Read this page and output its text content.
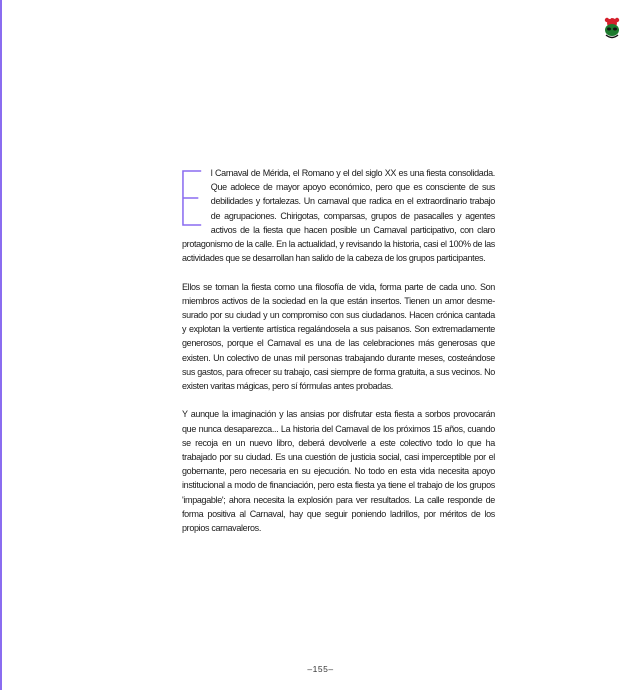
l Carnaval de Mérida, el Romano y el del siglo XX es una fiesta consolidada. Que adolece de mayor apoyo económico, pero que es consciente de sus debilidades y fortalezas. Un carnaval que radica en el extraordinario trabajo de agrupaciones. Chirigotas, comparsas, grupos de pasacalles y agentes activos de la fiesta que hacen posible un Carnaval participativo, con claro protagonismo de la calle. En la actualidad, y revisando la historia, casi el 100% de las actividades que se desarrollan han salido de la cabeza de los grupos participantes.

Ellos se toman la fiesta como una filosofía de vida, forma parte de cada uno. Son miembros activos de la sociedad en la que están insertos. Tienen un amor desme-surado por su ciudad y un compromiso con sus ciudadanos. Hacen crónica cantada y explotan la vertiente artística regalándosela a sus paisanos. Son extremadamente generosos, porque el Carnaval es una de las celebraciones más generosas que existen. Un colectivo de unas mil personas trabajando durante meses, costeándose sus gastos, para ofrecer su trabajo, casi siempre de forma gratuita, a sus vecinos. No existen varitas mágicas, pero sí fórmulas antes probadas.

Y aunque la imaginación y las ansias por disfrutar esta fiesta a sorbos provocarán que nunca desaparezca... La historia del Carnaval de los próximos 15 años, cuando se recoja en un nuevo libro, deberá devolverle a este colectivo todo lo que ha trabajado por su ciudad. Es una cuestión de justicia social, casi imperceptible por el gobernante, pero necesaria en su ejecución. No todo en esta vida necesita apoyo institucional a modo de financiación, pero esta fiesta ya tiene el trabajo de los grupos 'impagable'; ahora necesita la explosión para ver resultados. La calle responde de forma positiva al Carnaval, hay que seguir poniendo ladrillos, por méritos de los propios carnavaleros.

–155–
